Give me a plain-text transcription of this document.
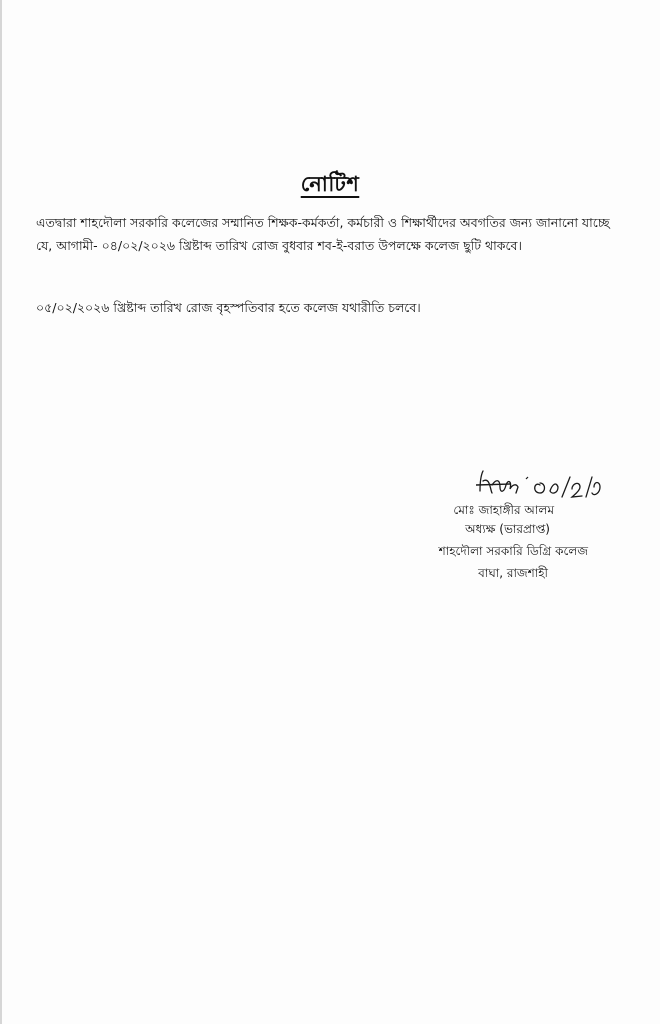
নোটিশ

এতদ্বারা শাহদৌলা সরকারি কলেজের সম্মানিত শিক্ষক-কর্মকর্তা, কর্মচারী ও শিক্ষার্থীদের অবগতির জন্য জানানো যাচ্ছে যে, আগামী- ০৪/০২/২০২৬ খ্রিষ্টাব্দ তারিখ রোজ বুধবার শব-ই-বরাত উপলক্ষে কলেজ ছুটি থাকবে।

০৫/০২/২০২৬ খ্রিষ্টাব্দ তারিখ রোজ বৃহস্পতিবার হতে কলেজ যথারীতি চলবে।

মোঃ জাহাঙ্গীর আলম

অধ্যক্ষ (ভারপ্রাপ্ত)

শাহদৌলা সরকারি ডিগ্রি কলেজ

বাঘা, রাজশাহী
